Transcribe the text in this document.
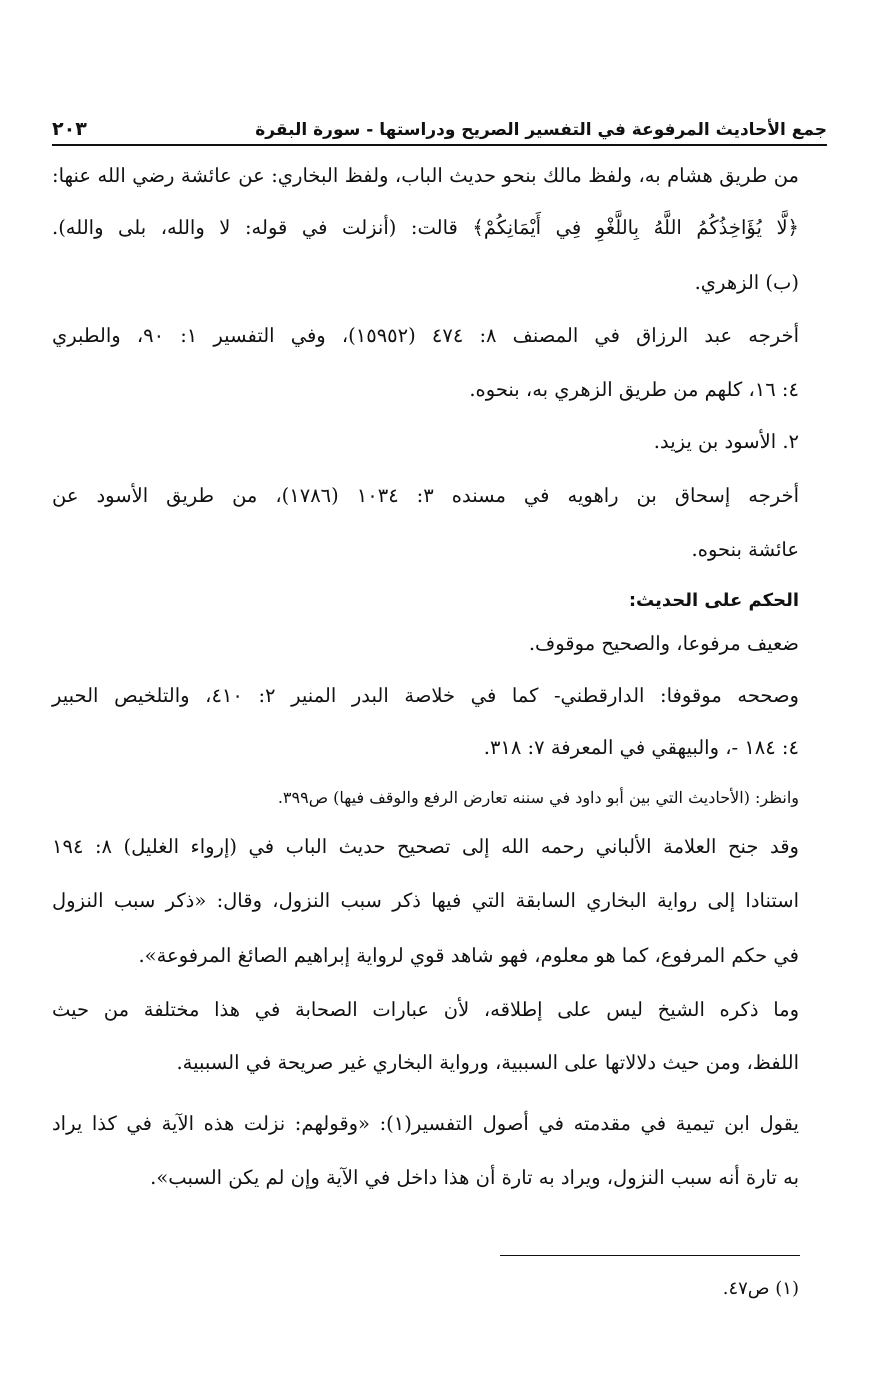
٢٠٣	جمع الأحاديث المرفوعة في التفسير الصريح ودراستها - سورة البقرة
من طريق هشام به، ولفظ مالك بنحو حديث الباب، ولفظ البخاري: عن عائشة رضي الله عنها:
﴿لَّا يُؤَاخِذُكُمُ اللَّهُ بِاللَّغْوِ فِي أَيْمَانِكُمْ﴾ قالت: (أنزلت في قوله: لا والله، بلى والله).
(ب) الزهري.
أخرجه عبد الرزاق في المصنف ٨: ٤٧٤ (١٥٩٥٢)، وفي التفسير ١: ٩٠، والطبري
٤: ١٦، كلهم من طريق الزهري به، بنحوه.
٢. الأسود بن يزيد.
أخرجه إسحاق بن راهويه في مسنده ٣: ١٠٣٤ (١٧٨٦)، من طريق الأسود عن
عائشة بنحوه.
الحكم على الحديث:
ضعيف مرفوعا، والصحيح موقوف.
وصححه موقوفا: الدارقطني- كما في خلاصة البدر المنير ٢: ٤١٠، والتلخيص الحبير
٤: ١٨٤ -، والبيهقي في المعرفة ٧: ٣١٨.
وانظر: (الأحاديث التي بين أبو داود في سننه تعارض الرفع والوقف فيها) ص٣٩٩.
وقد جنح العلامة الألباني رحمه الله إلى تصحيح حديث الباب في (إرواء الغليل) ٨: ١٩٤
استنادا إلى رواية البخاري السابقة التي فيها ذكر سبب النزول، وقال: «ذكر سبب النزول
في حكم المرفوع، كما هو معلوم، فهو شاهد قوي لرواية إبراهيم الصائغ المرفوعة».
وما ذكره الشيخ ليس على إطلاقه، لأن عبارات الصحابة في هذا مختلفة من حيث
اللفظ، ومن حيث دلالاتها على السببية، ورواية البخاري غير صريحة في السببية.
يقول ابن تيمية في مقدمته في أصول التفسير(١): «وقولهم: نزلت هذه الآية في كذا يراد
به تارة أنه سبب النزول، ويراد به تارة أن هذا داخل في الآية وإن لم يكن السبب».
(١) ص٤٧.
